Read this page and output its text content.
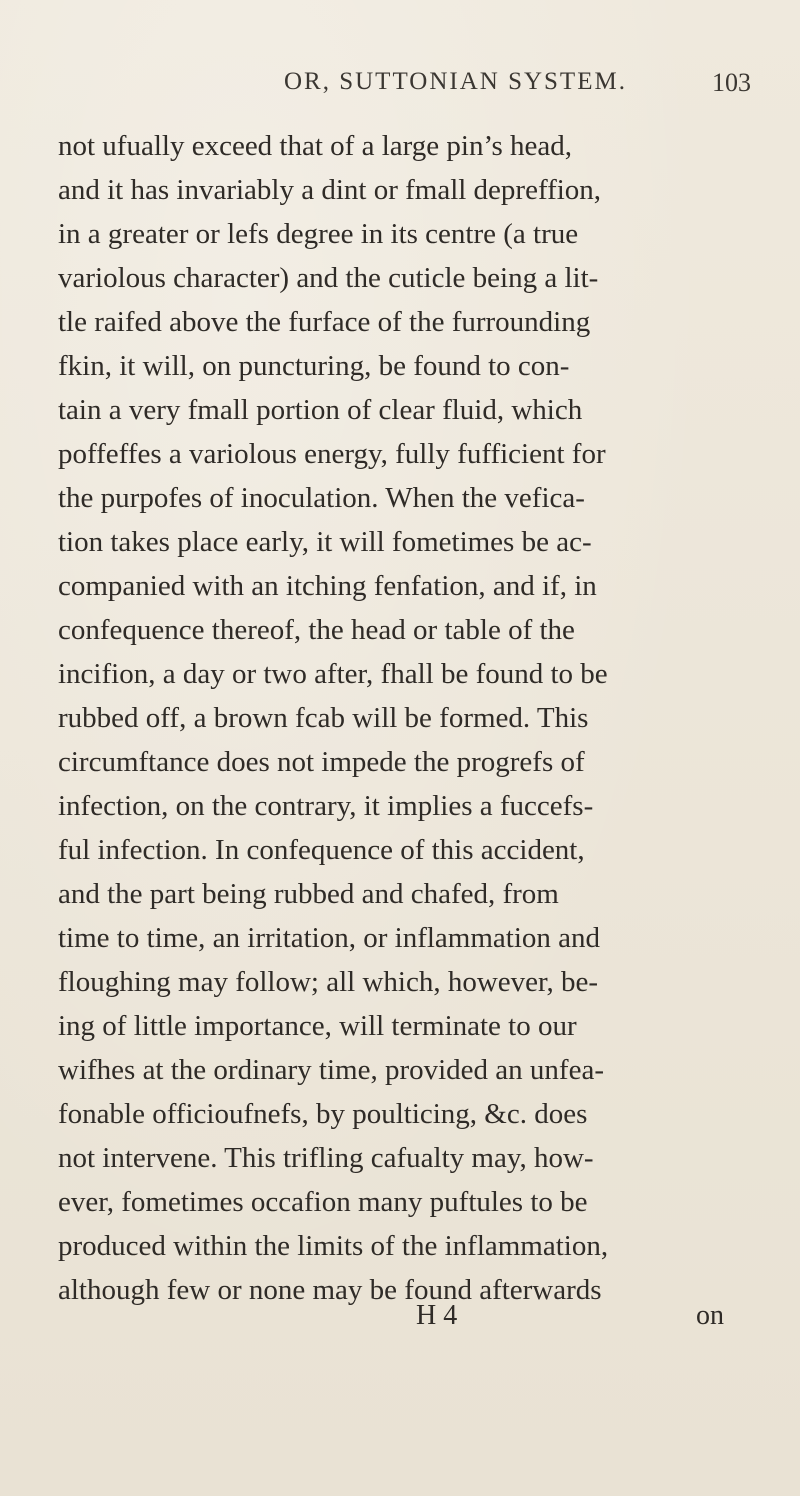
OR, SUTTONIAN SYSTEM.	103
not ufually exceed that of a large pin’s head,
and it has invariably a dint or fmall depreffion,
in a greater or lefs degree in its centre (a true
variolous character) and the cuticle being a lit-
tle raifed above the furface of the furrounding
fkin, it will, on puncturing, be found to con-
tain a very fmall portion of clear fluid, which
poffeffes a variolous energy, fully fufficient for
the purpofes of inoculation. When the vefica-
tion takes place early, it will fometimes be ac-
companied with an itching fenfation, and if, in
confequence thereof, the head or table of the
incifion, a day or two after, fhall be found to be
rubbed off, a brown fcab will be formed. This
circumftance does not impede the progrefs of
infection, on the contrary, it implies a fuccefs-
ful infection. In confequence of this accident,
and the part being rubbed and chafed, from
time to time, an irritation, or inflammation and
floughing may follow; all which, however, be-
ing of little importance, will terminate to our
wifhes at the ordinary time, provided an unfea-
fonable officioufnefs, by poulticing, &c. does
not intervene. This trifling cafualty may, how-
ever, fometimes occafion many puftules to be
produced within the limits of the inflammation,
although few or none may be found afterwards
H 4	on
